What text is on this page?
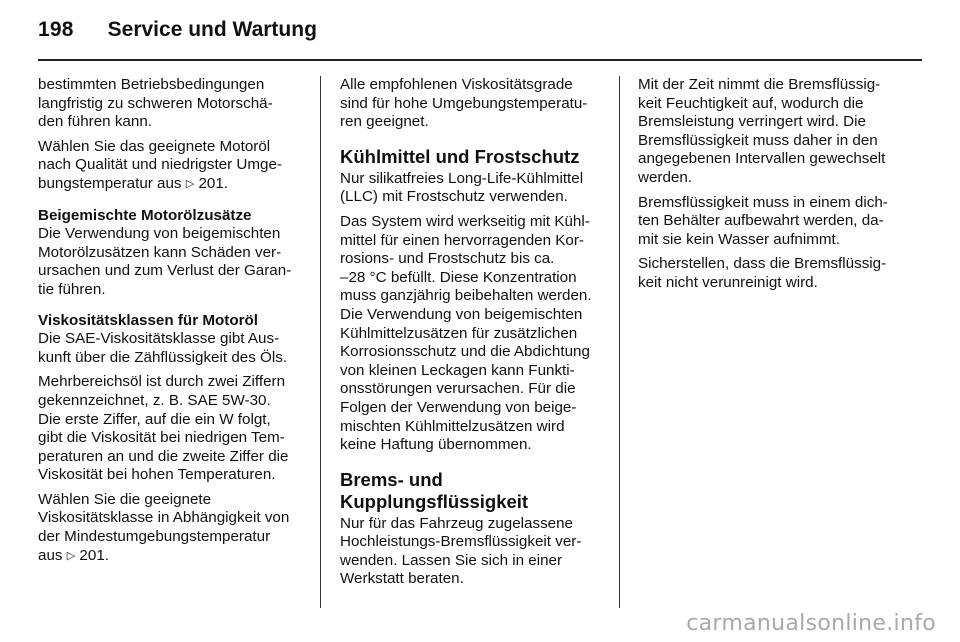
198 Service und Wartung

bestimmten Betriebsbedingungen
langfristig zu schweren Motorschä-
den führen kann.

Wählen Sie das geeignete Motoröl
nach Qualität und niedrigster Umge-
bungstemperatur aus ▷ 201.

Beigemischte Motorölzusätze

Die Verwendung von beigemischten
Motorölzusätzen kann Schäden ver-
ursachen und zum Verlust der Garan-
tie führen.

Viskositätsklassen für Motoröl

Die SAE-Viskositätsklasse gibt Aus-
kunft über die Zähflüssigkeit des Öls.

Mehrbereichsöl ist durch zwei Ziffern
gekennzeichnet, z. B. SAE 5W-30.
Die erste Ziffer, auf die ein W folgt,
gibt die Viskosität bei niedrigen Tem-
peraturen an und die zweite Ziffer die
Viskosität bei hohen Temperaturen.

Wählen Sie die geeignete
Viskositätsklasse in Abhängigkeit von
der Mindestumgebungstemperatur
aus ▷ 201.

Alle empfohlenen Viskositätsgrade
sind für hohe Umgebungstemperatu-
ren geeignet.

Kühlmittel und Frostschutz

Nur silikatfreies Long-Life-Kühlmittel
(LLC) mit Frostschutz verwenden.

Das System wird werkseitig mit Kühl-
mittel für einen hervorragenden Kor-
rosions- und Frostschutz bis ca.
–28 °C befüllt. Diese Konzentration
muss ganzjährig beibehalten werden.
Die Verwendung von beigemischten
Kühlmittelzusätzen für zusätzlichen
Korrosionsschutz und die Abdichtung
von kleinen Leckagen kann Funkti-
onsstörungen verursachen. Für die
Folgen der Verwendung von beige-
mischten Kühlmittelzusätzen wird
keine Haftung übernommen.

Brems- und
Kupplungsflüssigkeit

Nur für das Fahrzeug zugelassene
Hochleistungs-Bremsflüssigkeit ver-
wenden. Lassen Sie sich in einer
Werkstatt beraten.

Mit der Zeit nimmt die Bremsflüssig-
keit Feuchtigkeit auf, wodurch die
Bremsleistung verringert wird. Die
Bremsflüssigkeit muss daher in den
angegebenen Intervallen gewechselt
werden.

Bremsflüssigkeit muss in einem dich-
ten Behälter aufbewahrt werden, da-
mit sie kein Wasser aufnimmt.

Sicherstellen, dass die Bremsflüssig-
keit nicht verunreinigt wird.

carmanualsonline.info
